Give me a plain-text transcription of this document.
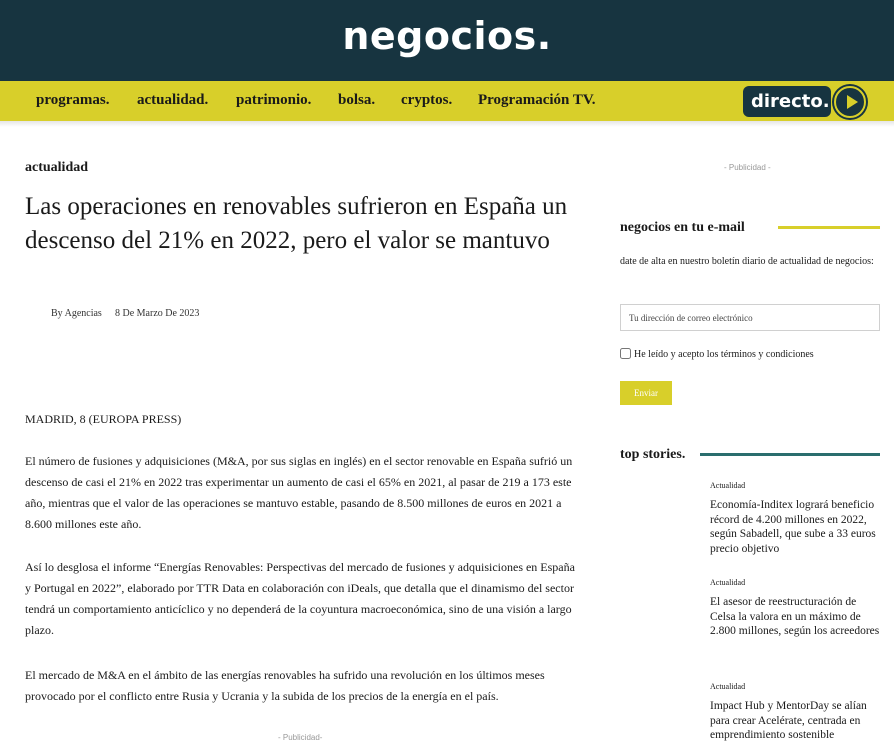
negocios.
programas. actualidad. patrimonio. bolsa. cryptos. Programación TV.	directo.
actualidad
Las operaciones en renovables sufrieron en España un descenso del 21% en 2022, pero el valor se mantuvo
By Agencias 8 De Marzo De 2023

MADRID, 8 (EUROPA PRESS)

El número de fusiones y adquisiciones (M&A, por sus siglas en inglés) en el sector renovable en España sufrió un descenso de casi el 21% en 2022 tras experimentar un aumento de casi el 65% en 2021, al pasar de 219 a 173 este año, mientras que el valor de las operaciones se mantuvo estable, pasando de 8.500 millones de euros en 2021 a 8.600 millones este año.

Así lo desglosa el informe “Energías Renovables: Perspectivas del mercado de fusiones y adquisiciones en España y Portugal en 2022”, elaborado por TTR Data en colaboración con iDeals, que detalla que el dinamismo del sector tendrá un comportamiento anticíclico y no dependerá de la coyuntura macroeconómica, sino de una visión a largo plazo.

El mercado de M&A en el ámbito de las energías renovables ha sufrido una revolución en los últimos meses provocado por el conflicto entre Rusia y Ucrania y la subida de los precios de la energía en el país.

- Publicidad-
- Publicidad -
negocios en tu e-mail
date de alta en nuestro boletín diario de actualidad de negocios:
Tu dirección de correo electrónico
He leído y acepto los términos y condiciones
Enviar
top stories.
Actualidad
Economía-Inditex logrará beneficio récord de 4.200 millones en 2022, según Sabadell, que sube a 33 euros precio objetivo
Actualidad
El asesor de reestructuración de Celsa la valora en un máximo de 2.800 millones, según los acreedores
Actualidad
Impact Hub y MentorDay se alían para crear Acelérate, centrada en emprendimiento sostenible
